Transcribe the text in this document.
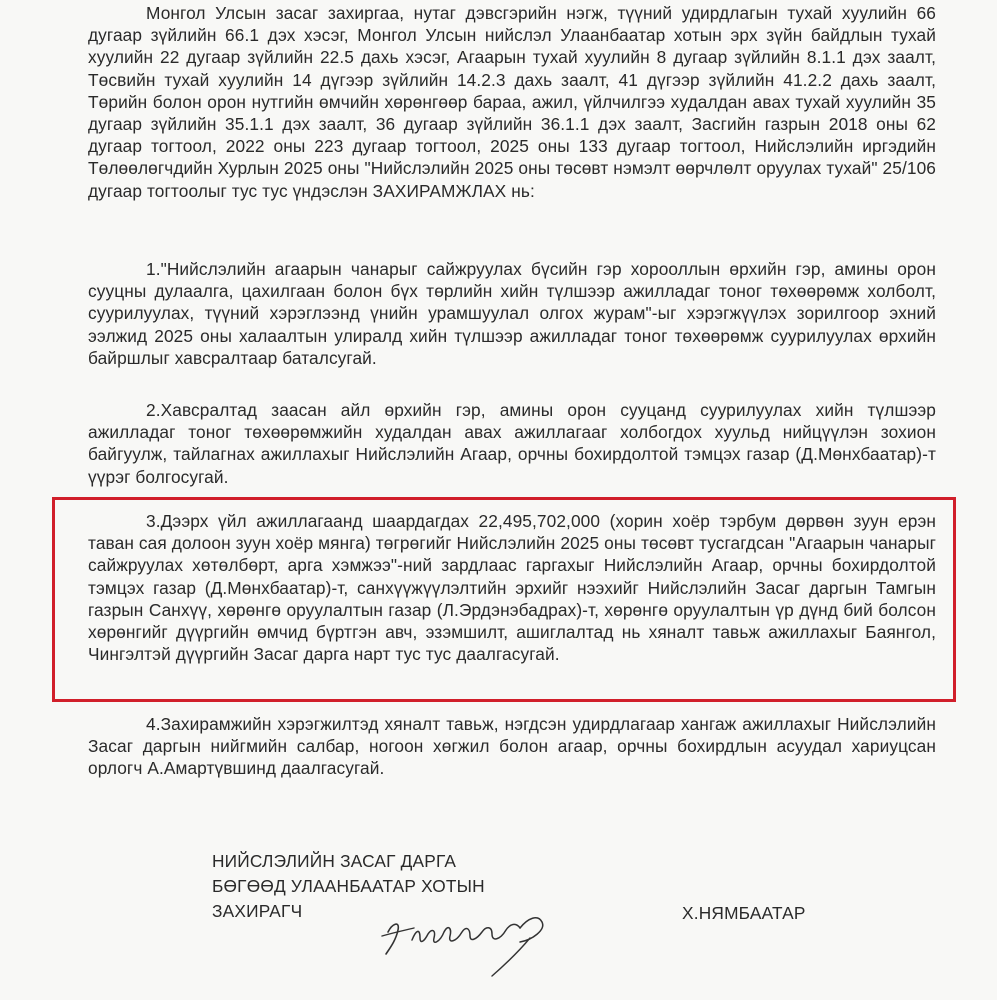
Монгол Улсын засаг захиргаа, нутаг дэвсгэрийн нэгж, түүний удирдлагын тухай хуулийн 66 дугаар зүйлийн 66.1 дэх хэсэг, Монгол Улсын нийслэл Улаанбаатар хотын эрх зүйн байдлын тухай хуулийн 22 дугаар зүйлийн 22.5 дахь хэсэг, Агаарын тухай хуулийн 8 дугаар зүйлийн 8.1.1 дэх заалт, Төсвийн тухай хуулийн 14 дүгээр зүйлийн 14.2.3 дахь заалт, 41 дүгээр зүйлийн 41.2.2 дахь заалт, Төрийн болон орон нутгийн өмчийн хөрөнгөөр бараа, ажил, үйлчилгээ худалдан авах тухай хуулийн 35 дугаар зүйлийн 35.1.1 дэх заалт, 36 дугаар зүйлийн 36.1.1 дэх заалт, Засгийн газрын 2018 оны 62 дугаар тогтоол, 2022 оны 223 дугаар тогтоол, 2025 оны 133 дугаар тогтоол, Нийслэлийн иргэдийн Төлөөлөгчдийн Хурлын 2025 оны "Нийслэлийн 2025 оны төсөвт нэмэлт өөрчлөлт оруулах тухай" 25/106 дугаар тогтоолыг тус тус үндэслэн ЗАХИРАМЖЛАХ нь:

1."Нийслэлийн агаарын чанарыг сайжруулах бүсийн гэр хорооллын өрхийн гэр, амины орон сууцны дулаалга, цахилгаан болон бүх төрлийн хийн түлшээр ажилладаг тоног төхөөрөмж холболт, суурилуулах, түүний хэрэглээнд үнийн урамшуулал олгох журам"-ыг хэрэгжүүлэх зорилгоор эхний ээлжид 2025 оны халаалтын улиралд хийн түлшээр ажилладаг тоног төхөөрөмж суурилуулах өрхийн байршлыг хавсралтаар баталсугай.

2.Хавсралтад заасан айл өрхийн гэр, амины орон сууцанд суурилуулах хийн түлшээр ажилладаг тоног төхөөрөмжийн худалдан авах ажиллагааг холбогдох хуульд нийцүүлэн зохион байгуулж, тайлагнах ажиллахыг Нийслэлийн Агаар, орчны бохирдолтой тэмцэх газар (Д.Мөнхбаатар)-т үүрэг болгосугай.

3.Дээрх үйл ажиллагаанд шаардагдах 22,495,702,000 (хорин хоёр тэрбум дөрвөн зуун ерэн таван сая долоон зуун хоёр мянга) төгрөгийг Нийслэлийн 2025 оны төсөвт тусгагдсан "Агаарын чанарыг сайжруулах хөтөлбөрт, арга хэмжээ"-ний зардлаас гаргахыг Нийслэлийн Агаар, орчны бохирдолтой тэмцэх газар (Д.Мөнхбаатар)-т, санхүүжүүлэлтийн эрхийг нээхийг Нийслэлийн Засаг даргын Тамгын газрын Санхүү, хөрөнгө оруулалтын газар (Л.Эрдэнэбадрах)-т, хөрөнгө оруулалтын үр дүнд бий болсон хөрөнгийг дүүргийн өмчид бүртгэн авч, эзэмшилт, ашиглалтад нь хяналт тавьж ажиллахыг Баянгол, Чингэлтэй дүүргийн Засаг дарга нарт тус тус даалгасугай.

4.Захирамжийн хэрэгжилтэд хяналт тавьж, нэгдсэн удирдлагаар хангаж ажиллахыг Нийслэлийн Засаг даргын нийгмийн салбар, ногоон хөгжил болон агаар, орчны бохирдлын асуудал хариуцсан орлогч А.Амартүвшинд даалгасугай.

НИЙСЛЭЛИЙН ЗАСАГ ДАРГА
БӨГӨӨД УЛААНБААТАР ХОТЫН
ЗАХИРАГЧ	Х.НЯМБААТАР
